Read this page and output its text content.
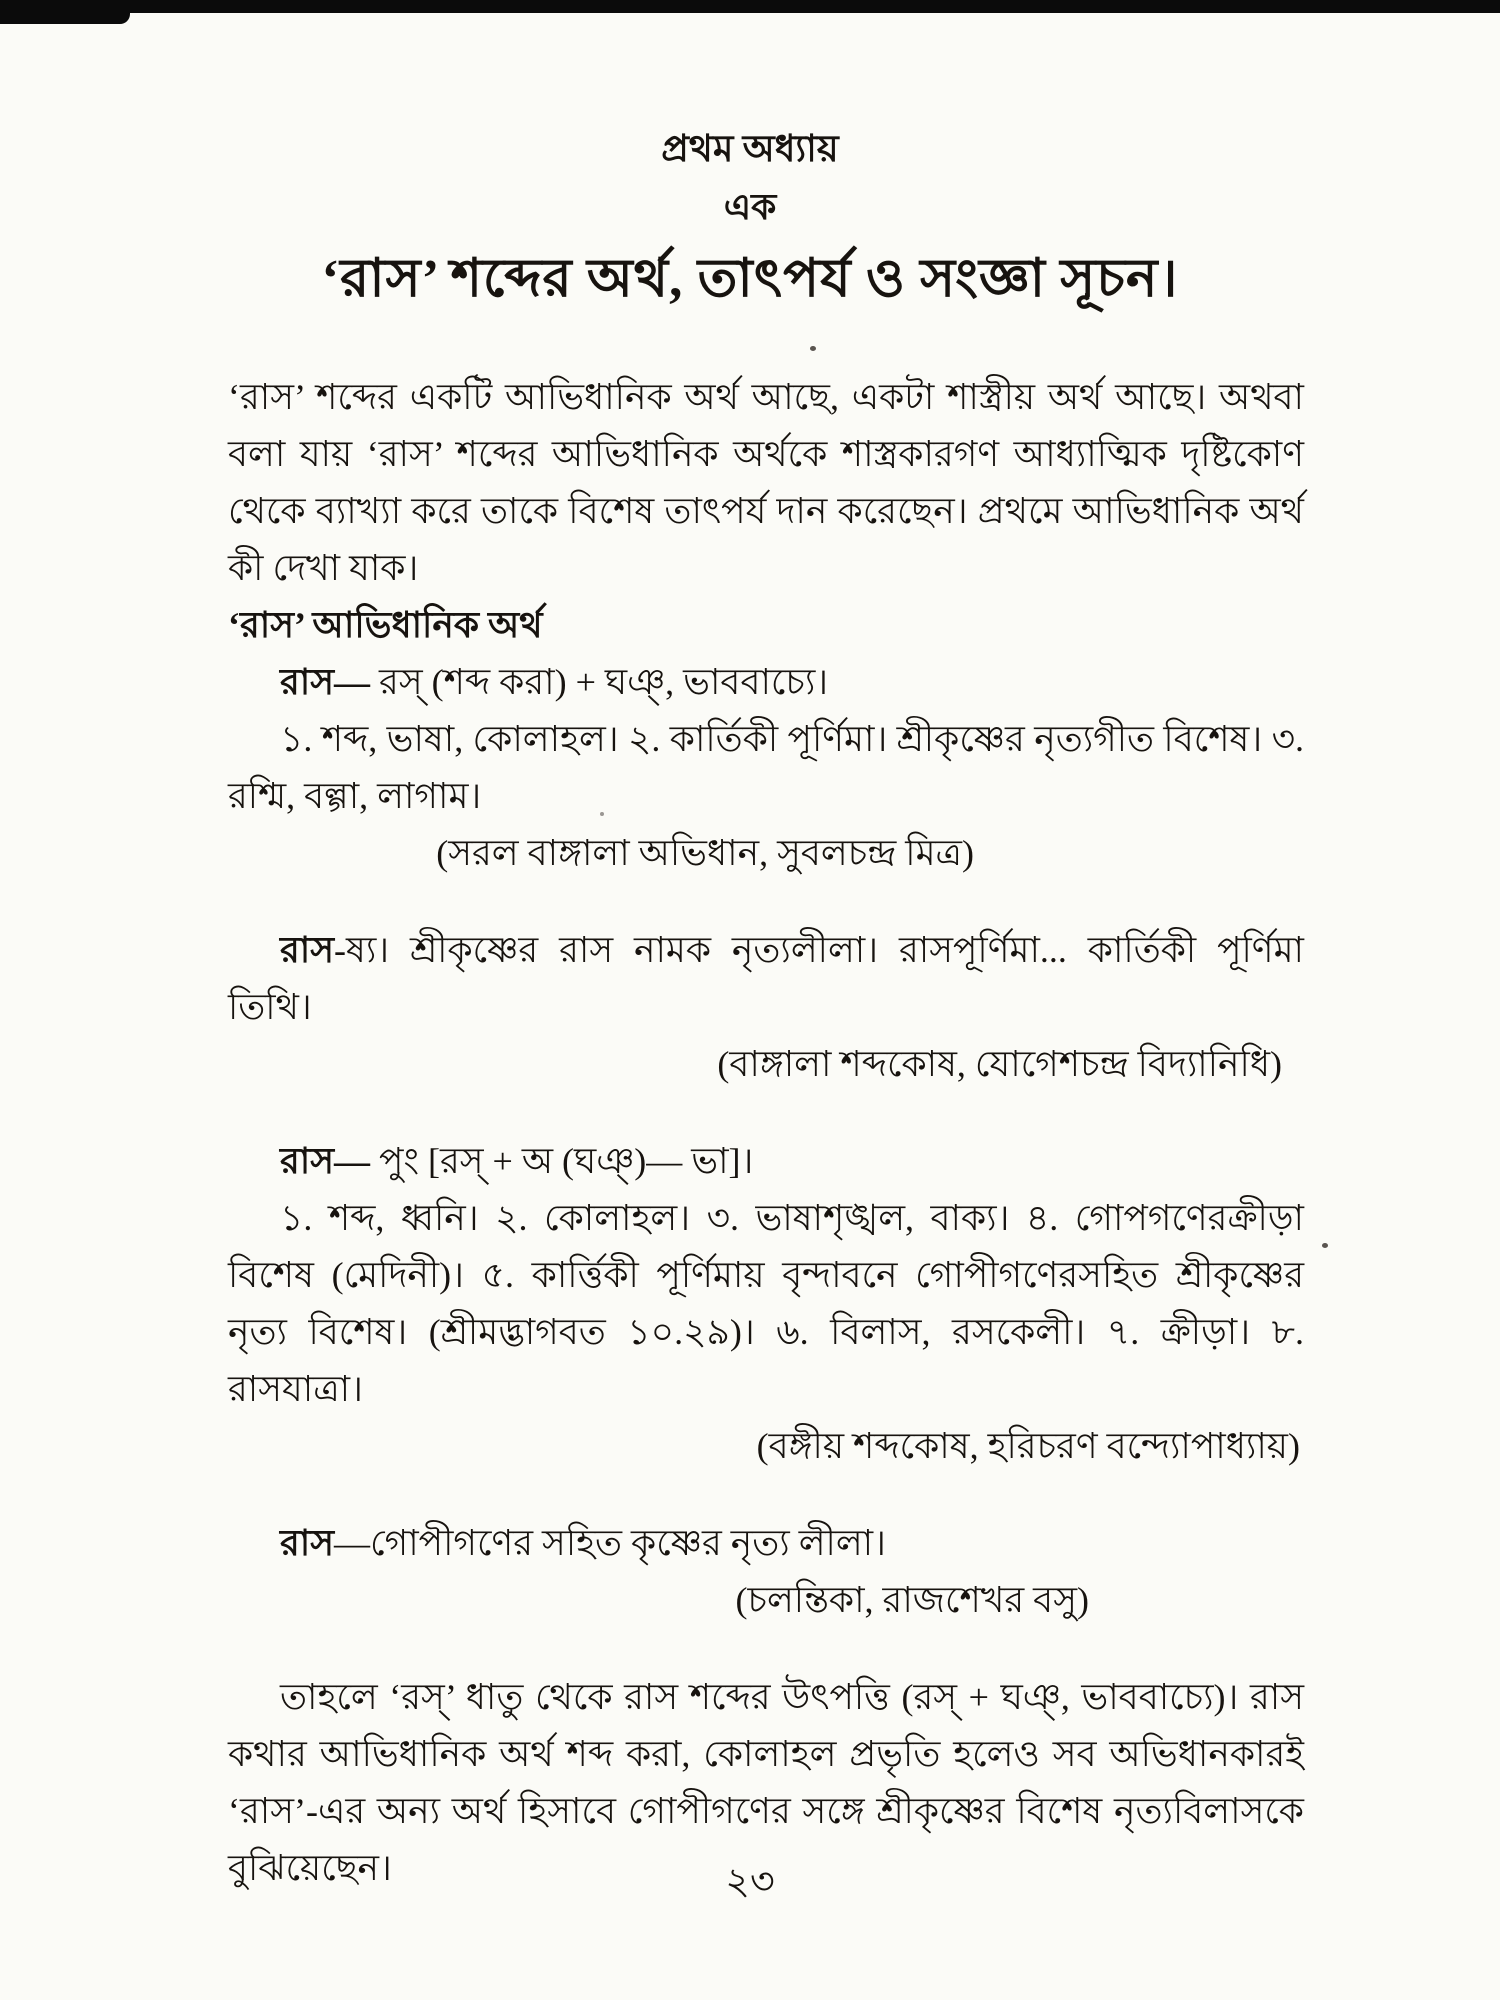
প্রথম অধ্যায়
এক
‘রাস’ শব্দের অর্থ, তাৎপর্য ও সংজ্ঞা সূচন।

‘রাস’ শব্দের একটি আভিধানিক অর্থ আছে, একটা শাস্ত্রীয় অর্থ আছে। অথবা বলা যায় ‘রাস’ শব্দের আভিধানিক অর্থকে শাস্ত্রকারগণ আধ্যাত্মিক দৃষ্টিকোণ থেকে ব্যাখ্যা করে তাকে বিশেষ তাৎপর্য দান করেছেন। প্রথমে আভিধানিক অর্থ কী দেখা যাক।

‘রাস’ আভিধানিক অর্থ

রাস— রস্ (শব্দ করা) + ঘঞ্, ভাববাচ্যে।

১. শব্দ, ভাষা, কোলাহল। ২. কার্তিকী পূর্ণিমা। শ্রীকৃষ্ণের নৃত্যগীত বিশেষ। ৩. রশ্মি, বল্গা, লাগাম।

(সরল বাঙ্গালা অভিধান, সুবলচন্দ্র মিত্র)

রাস-ষ্য। শ্রীকৃষ্ণের রাস নামক নৃত্যলীলা। রাসপূর্ণিমা... কার্তিকী পূর্ণিমা তিথি।

(বাঙ্গালা শব্দকোষ, যোগেশচন্দ্র বিদ্যানিধি)

রাস— পুং [রস্ + অ (ঘঞ্)— ভা]।

১. শব্দ, ধ্বনি। ২. কোলাহল। ৩. ভাষাশৃঙ্খল, বাক্য। ৪. গোপগণেরক্রীড়া বিশেষ (মেদিনী)। ৫. কার্ত্তিকী পূর্ণিমায় বৃন্দাবনে গোপীগণেরসহিত শ্রীকৃষ্ণের নৃত্য বিশেষ। (শ্রীমদ্ভাগবত ১০.২৯)। ৬. বিলাস, রসকেলী। ৭. ক্রীড়া। ৮. রাসযাত্রা।

(বঙ্গীয় শব্দকোষ, হরিচরণ বন্দ্যোপাধ্যায়)

রাস—গোপীগণের সহিত কৃষ্ণের নৃত্য লীলা।

(চলন্তিকা, রাজশেখর বসু)

তাহলে ‘রস্’ ধাতু থেকে রাস শব্দের উৎপত্তি (রস্ + ঘঞ্, ভাববাচ্যে)। রাস কথার আভিধানিক অর্থ শব্দ করা, কোলাহল প্রভৃতি হলেও সব অভিধানকারই ‘রাস’-এর অন্য অর্থ হিসাবে গোপীগণের সঙ্গে শ্রীকৃষ্ণের বিশেষ নৃত্যবিলাসকে বুঝিয়েছেন।	২৩
